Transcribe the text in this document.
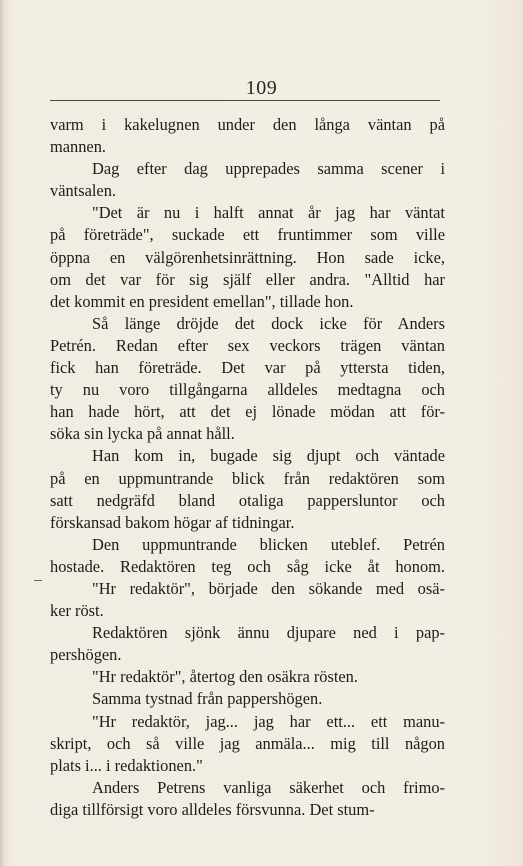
109
varm i kakelugnen under den långa väntan på
mannen.
Dag efter dag upprepades samma scener i
väntsalen.
"Det är nu i halft annat år jag har väntat
på företräde", suckade ett fruntimmer som ville
öppna en välgörenhetsinrättning. Hon sade icke,
om det var för sig själf eller andra. "Alltid har
det kommit en president emellan", tillade hon.
Så länge dröjde det dock icke för Anders
Petrén. Redan efter sex veckors trägen väntan
fick han företräde. Det var på yttersta tiden,
ty nu voro tillgångarna alldeles medtagna och
han hade hört, att det ej lönade mödan att för-
söka sin lycka på annat håll.
Han kom in, bugade sig djupt och väntade
på en uppmuntrande blick från redaktören som
satt nedgräfd bland otaliga pappersluntor och
förskansad bakom högar af tidningar.
Den uppmuntrande blicken uteblef. Petrén
hostade. Redaktören teg och såg icke åt honom.
"Hr redaktör", började den sökande med osä-
ker röst.
Redaktören sjönk ännu djupare ned i pap-
pershögen.
"Hr redaktör", återtog den osäkra rösten.
Samma tystnad från pappershögen.
"Hr redaktör, jag... jag har ett... ett manu-
skript, och så ville jag anmäla... mig till någon
plats i... i redaktionen."
Anders Petrens vanliga säkerhet och frimo-
diga tillförsigt voro alldeles försvunna. Det stum-
